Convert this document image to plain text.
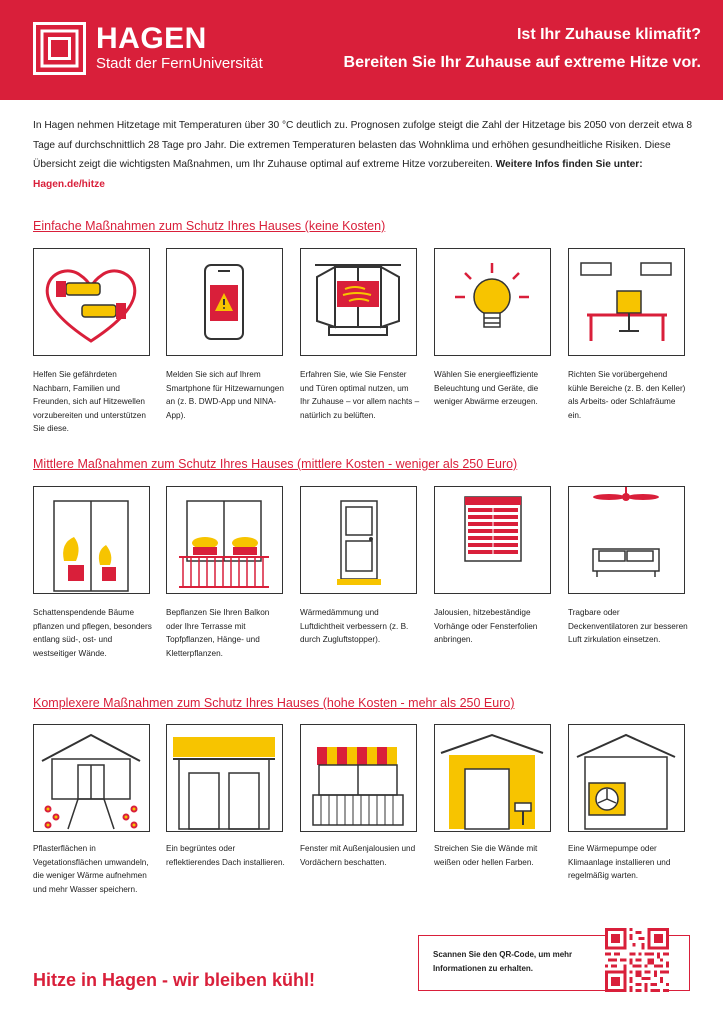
HAGEN
Stadt der FernUniversität
Ist Ihr Zuhause klimafit?
Bereiten Sie Ihr Zuhause auf extreme Hitze vor.
In Hagen nehmen Hitzetage mit Temperaturen über 30 °C deutlich zu. Prognosen zufolge steigt die Zahl der Hitzetage bis 2050 von derzeit etwa 8 Tage auf durchschnittlich 28 Tage pro Jahr. Die extremen Temperaturen belasten das Wohnklima und erhöhen gesundheitliche Risiken. Diese Übersicht zeigt die wichtigsten Maßnahmen, um Ihr Zuhause optimal auf extreme Hitze vorzubereiten. Weitere Infos finden Sie unter: Hagen.de/hitze
Einfache Maßnahmen zum Schutz Ihres Hauses (keine Kosten)
Helfen Sie gefährdeten Nachbarn, Familien und Freunden, sich auf Hitzewellen vorzubereiten und unterstützen Sie diese.
Melden Sie sich auf Ihrem Smartphone für Hitzewarnungen an (z. B. DWD-App und NINA-App).
Erfahren Sie, wie Sie Fenster und Türen optimal nutzen, um Ihr Zuhause – vor allem nachts – natürlich zu belüften.
Wählen Sie energieeffiziente Beleuchtung und Geräte, die weniger Abwärme erzeugen.
Richten Sie vorübergehend kühle Bereiche (z. B. den Keller) als Arbeits- oder Schlafräume ein.
Mittlere Maßnahmen zum Schutz Ihres Hauses (mittlere Kosten - weniger als 250 Euro)
Schattenspendende Bäume pflanzen und pflegen, besonders entlang süd-, ost- und westseitiger Wände.
Bepflanzen Sie Ihren Balkon oder Ihre Terrasse mit Topfpflanzen, Hänge- und Kletterpflanzen.
Wärmedämmung und Luftdichtheit verbessern (z. B. durch Zugluftstopper).
Jalousien, hitzebeständige Vorhänge oder Fensterfolien anbringen.
Tragbare oder Deckenventilatoren zur besseren Luft zirkulation einsetzen.
Komplexere Maßnahmen zum Schutz Ihres Hauses (hohe Kosten - mehr als 250 Euro)
Pflasterflächen in Vegetationsflächen umwandeln, die weniger Wärme aufnehmen und mehr Wasser speichern.
Ein begrüntes oder reflektierendes Dach installieren.
Fenster mit Außenjalousien und Vordächern beschatten.
Streichen Sie die Wände mit weißen oder hellen Farben.
Eine Wärmepumpe oder Klimaanlage installieren und regelmäßig warten.
Scannen Sie den QR-Code, um mehr Informationen zu erhalten.
Hitze in Hagen - wir bleiben kühl!
